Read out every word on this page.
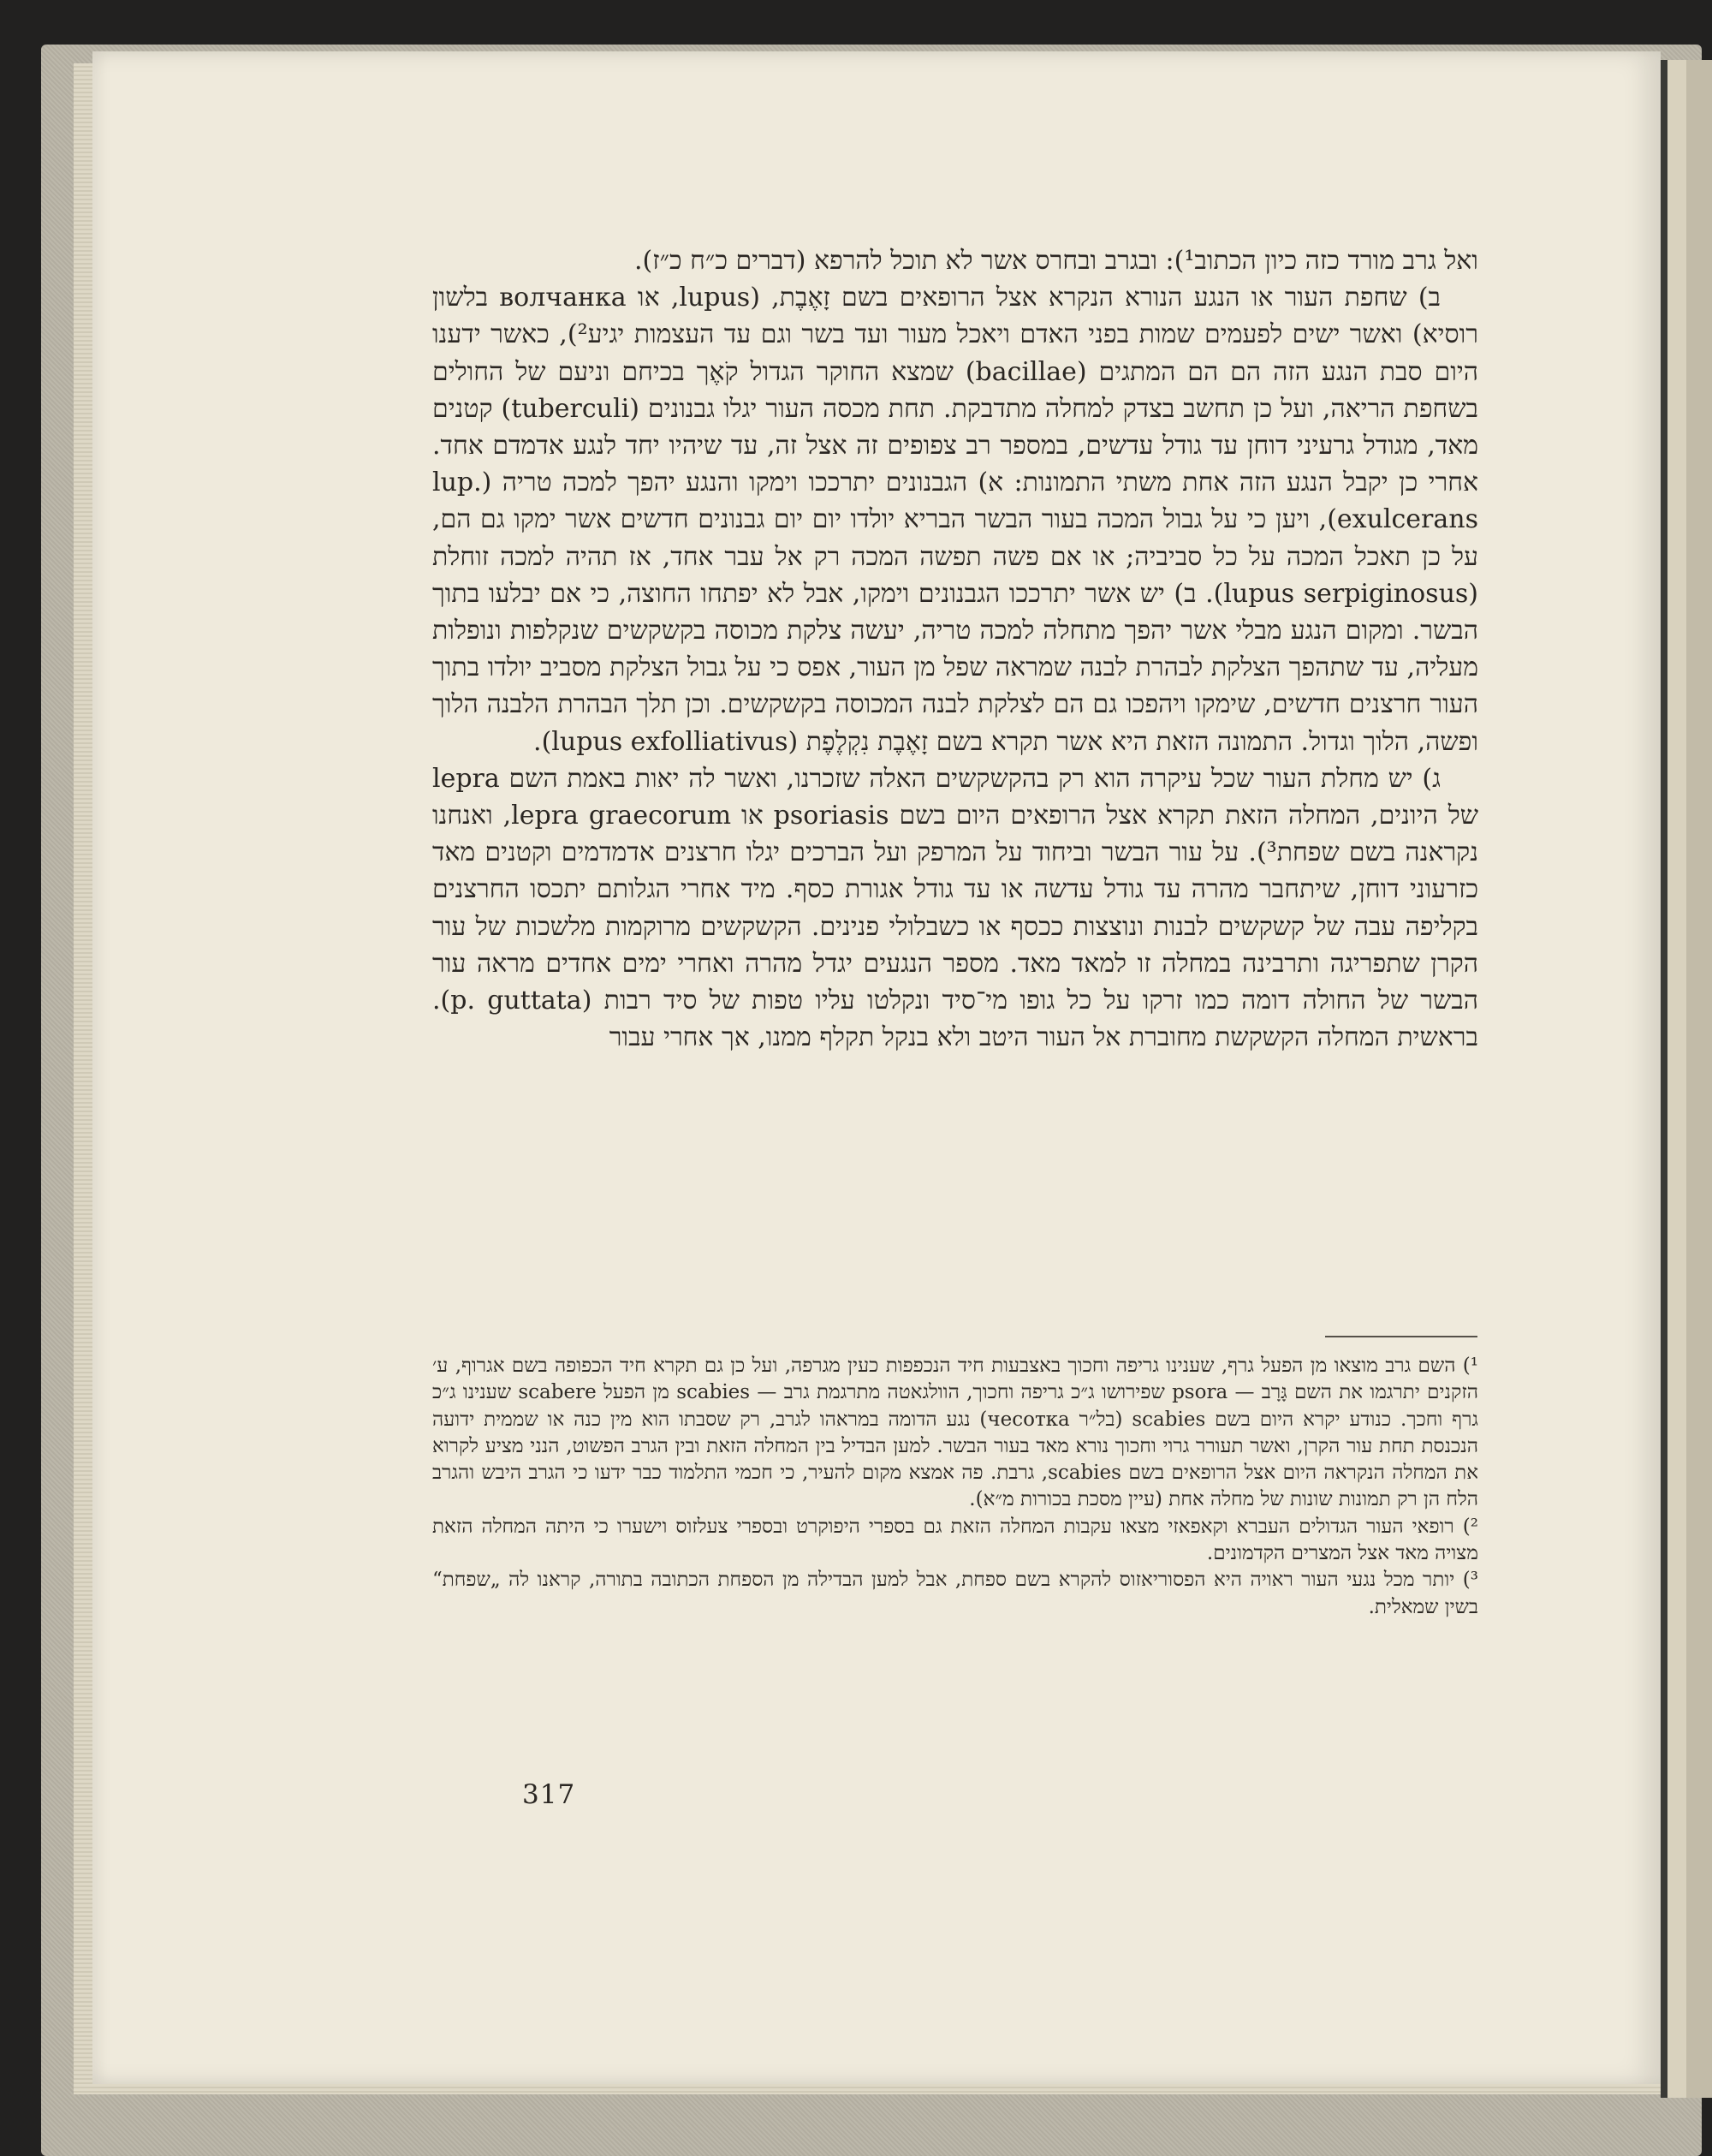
ואל גרב מורד כזה כיון הכתוב¹): ובגרב ובחרס אשר לא תוכל להרפא (דברים כ״ח כ״ז).

ב) שחפת העור או הנגע הנורא הנקרא אצל הרופאים בשם זָאֶבֶת, (lupus, או волчанка בלשון רוסיא) ואשר ישים לפעמים שמות בפני האדם ויאכל מעור ועד בשר וגם עד העצמות יגיע²), כאשר ידענו היום סבת הנגע הזה הם הם המתגים (bacillae) שמצא החוקר הגדול קֹאֶך בכיחם וניעם של החולים בשחפת הריאה, ועל כן תחשב בצדק למחלה מתדבקת. תחת מכסה העור יגלו גבנונים (tuberculi) קטנים מאד, מגודל גרעיני דוחן עד גודל עדשים, במספר רב צפופים זה אצל זה, עד שיהיו יחד לנגע אדמדם אחד. אחרי כן יקבל הנגע הזה אחת משתי התמונות: א) הגבנונים יתרככו וימקו והנגע יהפך למכה טריה (lup. exulcerans), ויען כי על גבול המכה בעור הבשר הבריא יולדו יום יום גבנונים חדשים אשר ימקו גם הם, על כן תאכל המכה על כל סביביה; או אם פשה תפשה המכה רק אל עבר אחד, אז תהיה למכה זוחלת (lupus serpiginosus). ב) יש אשר יתרככו הגבנונים וימקו, אבל לא יפתחו החוצה, כי אם יבלעו בתוך הבשר. ומקום הנגע מבלי אשר יהפך מתחלה למכה טריה, יעשה צלקת מכוסה בקשקשים שנקלפות ונופלות מעליה, עד שתהפך הצלקת לבהרת לבנה שמראה שפל מן העור, אפס כי על גבול הצלקת מסביב יולדו בתוך העור חרצנים חדשים, שימקו ויהפכו גם הם לצלקת לבנה המכוסה בקשקשים. וכן תלך הבהרת הלבנה הלוך ופשה, הלוך וגדול. התמונה הזאת היא אשר תקרא בשם זָאֶבֶת נִקְלֶפֶת (lupus exfolliativus).

ג) יש מחלת העור שכל עיקרה הוא רק בהקשקשים האלה שזכרנו, ואשר לה יאות באמת השם lepra של היונים, המחלה הזאת תקרא אצל הרופאים היום בשם psoriasis או lepra graecorum, ואנחנו נקראנה בשם שפחת³). על עור הבשר וביחוד על המרפק ועל הברכים יגלו חרצנים אדמדמים וקטנים מאד כזרעוני דוחן, שיתחבר מהרה עד גודל עדשה או עד גודל אגורת כסף. מיד אחרי הגלותם יתכסו החרצנים בקליפה עבה של קשקשים לבנות ונוצצות ככסף או כשבלולי פנינים. הקשקשים מרוקמות מלשכות של עור הקרן שתפריגה ותרבינה במחלה זו למאד מאד. מספר הנגעים יגדל מהרה ואחרי ימים אחדים מראה עור הבשר של החולה דומה כמו זרקו על כל גופו מי־סיד ונקלטו עליו טפות של סיד רבות (p. guttata). בראשית המחלה הקשקשת מחוברת אל העור היטב ולא בנקל תקלף ממנו, אך אחרי עבור

¹) השם גרב מוצאו מן הפעל גרף, שענינו גריפה וחכוך באצבעות חיד הנכפפות כעין מגרפה, ועל כן גם תקרא חיד הכפופה בשם אגרוף, ע׳ הזקנים יתרגמו את השם גָּרָב — psora שפירושו ג״כ גריפה וחכוך, הוולגאטה מתרגמת גרב — scabies מן הפעל scabere שענינו ג״כ גרף וחכך. כנודע יקרא היום בשם scabies (בל״ר чесотка) נגע הדומה במראהו לגרב, רק שסבתו הוא מין כנה או שממית ידועה הנכנסת תחת עור הקרן, ואשר תעורר גרוי וחכוך נורא מאד בעור הבשר. למען הבדיל בין המחלה הזאת ובין הגרב הפשוט, הנני מציע לקרוא את המחלה הנקראה היום אצל הרופאים בשם scabies, גרבת. פה אמצא מקום להעיר, כי חכמי התלמוד כבר ידעו כי הגרב היבש והגרב הלח הן רק תמונות שונות של מחלה אחת (עיין מסכת בכורות מ״א).

²) רופאי העור הגדולים העברא וקאפאזי מצאו עקבות המחלה הזאת גם בספרי היפוקרט ובספרי צעלזוס וישערו כי היתה המחלה הזאת מצויה מאד אצל המצרים הקדמונים.

³) יותר מכל נגעי העור ראויה היא הפסוריאזוס להקרא בשם ספחת, אבל למען הבדילה מן הספחת הכתובה בתורה, קראנו לה „שפחת“ בשין שמאלית.

317
